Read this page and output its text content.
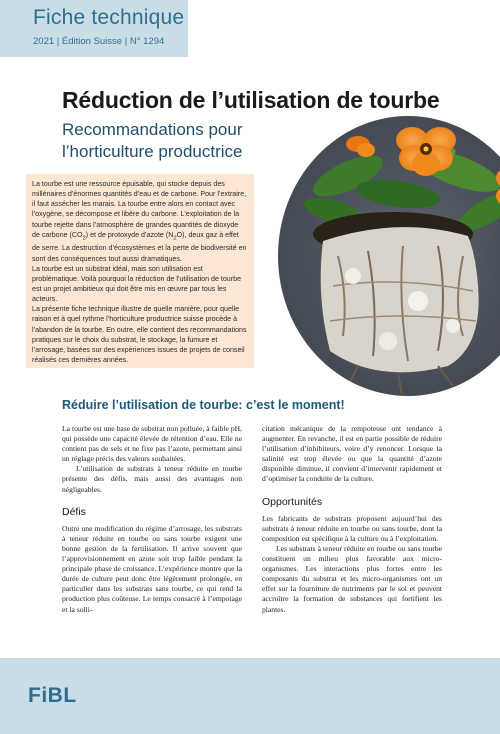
Fiche technique
2021 | Édition Suisse | N° 1294
Réduction de l’utilisation de tourbe
Recommandations pour l’horticulture productrice

La tourbe est une ressource épuisable, qui stocke depuis des millénaires d’énormes quantités d’eau et de carbone. Pour l’extraire, il faut assécher les marais. La tourbe entre alors en contact avec l’oxygène, se décompose et libère du carbone. L’exploitation de la tourbe rejette dans l’atmosphère de grandes quantités de dioxyde de carbone $(CO_2)$ et de protoxyde d’azote $(N_2O)$, deux gaz à effet de serre. La destruction d’écosystèmes et la perte de biodiversité en sont des conséquences tout aussi dramatiques.

La tourbe est un substrat idéal, mais son utilisation est problématique. Voilà pourquoi la réduction de l’utilisation de tourbe est un projet ambitieux qui doit être mis en œuvre par tous les acteurs.

La présente fiche technique illustre de quelle manière, pour quelle raison et à quel rythme l’horticulture productrice suisse procède à l’abandon de la tourbe. En outre, elle contient des recommandations pratiques sur le choix du substrat, le stockage, la fumure et l’arrosage, basées sur des expériences issues de projets de conseil réalisés ces dernières années.

Réduire l’utilisation de tourbe: c’est le moment!

La tourbe est une base de substrat non polluée, à faible pH, qui possède une capacité élevée de rétention d’eau. Elle ne contient pas de sels et ne fixe pas l’azote, permettant ainsi un réglage précis des valeurs souhaitées.

L’utilisation de substrats à teneur réduite en tourbe présente des défis, mais aussi des avantages non négligeables.

Défis

Outre une modification du régime d’arrosage, les substrats à teneur réduite en tourbe ou sans tourbe exigent une bonne gestion de la fertilisation. Il arrive souvent que l’approvisionnement en azote soit trop faible pendant la principale phase de croissance. L’expérience montre que la durée de culture peut donc être légèrement prolongée, en particulier dans les substrats sans tourbe, ce qui rend la production plus coûteuse. Le temps consacré à l’empotage et la solli-

citation mécanique de la rempoteuse ont tendance à augmenter. En revanche, il est en partie possible de réduire l’utilisation d’inhibiteurs, voire d’y renoncer. Lorsque la salinité est trop élevée ou que la quantité d’azote disponible diminue, il convient d’intervenir rapidement et d’optimiser la conduite de la culture.

Opportunités

Les fabricants de substrats proposent aujourd’hui des substrats à teneur réduite en tourbe ou sans tourbe, dont la composition est spécifique à la culture ou à l’exploitation.

Les substrats à teneur réduite en tourbe ou sans tourbe constituent un milieu plus favorable aux micro-organismes. Les interactions plus fortes entre les composants du substrat et les micro-organismes ont un effet sur la fourniture de nutriments par le sol et peuvent accroître la formation de substances qui fortifient les plantes.

FiBL
